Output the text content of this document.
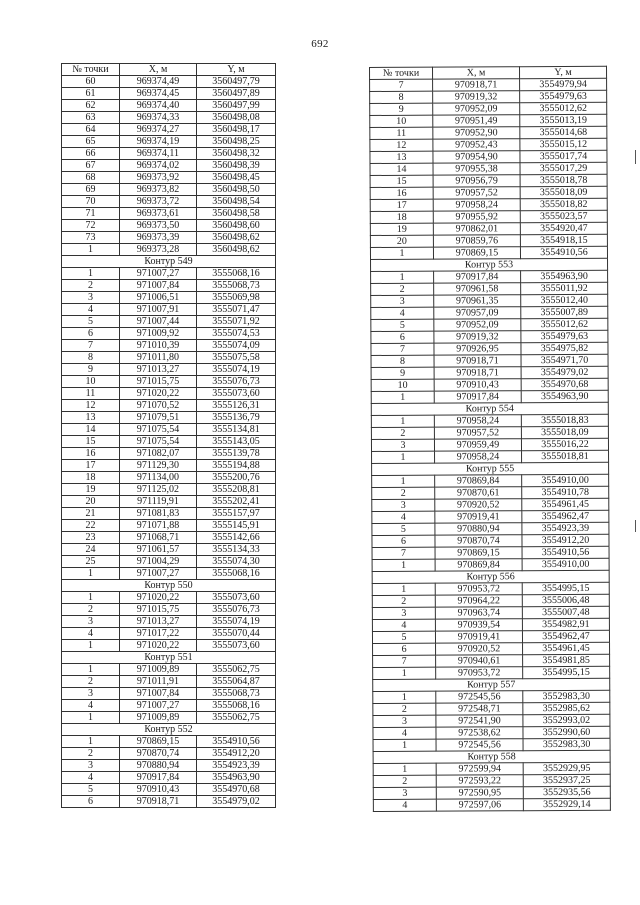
692
№ точки	X, м	Y, м
60	969374,49	3560497,79
61	969374,45	3560497,89
62	969374,40	3560497,99
63	969374,33	3560498,08
64	969374,27	3560498,17
65	969374,19	3560498,25
66	969374,11	3560498,32
67	969374,02	3560498,39
68	969373,92	3560498,45
69	969373,82	3560498,50
70	969373,72	3560498,54
71	969373,61	3560498,58
72	969373,50	3560498,60
73	969373,39	3560498,62
1	969373,28	3560498,62
Контур 549		
1	971007,27	3555068,16
2	971007,84	3555068,73
3	971006,51	3555069,98
4	971007,91	3555071,47
5	971007,44	3555071,92
6	971009,92	3555074,53
7	971010,39	3555074,09
8	971011,80	3555075,58
9	971013,27	3555074,19
10	971015,75	3555076,73
11	971020,22	3555073,60
12	971070,52	3555126,31
13	971079,51	3555136,79
14	971075,54	3555134,81
15	971075,54	3555143,05
16	971082,07	3555139,78
17	971129,30	3555194,88
18	971134,00	3555200,76
19	971125,02	3555208,81
20	971119,91	3555202,41
21	971081,83	3555157,97
22	971071,88	3555145,91
23	971068,71	3555142,66
24	971061,57	3555134,33
25	971004,29	3555074,30
1	971007,27	3555068,16
Контур 550		
1	971020,22	3555073,60
2	971015,75	3555076,73
3	971013,27	3555074,19
4	971017,22	3555070,44
1	971020,22	3555073,60
Контур 551		
1	971009,89	3555062,75
2	971011,91	3555064,87
3	971007,84	3555068,73
4	971007,27	3555068,16
1	971009,89	3555062,75
Контур 552		
1	970869,15	3554910,56
2	970870,74	3554912,20
3	970880,94	3554923,39
4	970917,84	3554963,90
5	970910,43	3554970,68
6	970918,71	3554979,02
№ точки	X, м	Y, м
7	970918,71	3554979,94
8	970919,32	3554979,63
9	970952,09	3555012,62
10	970951,49	3555013,19
11	970952,90	3555014,68
12	970952,43	3555015,12
13	970954,90	3555017,74
14	970955,38	3555017,29
15	970956,79	3555018,78
16	970957,52	3555018,09
17	970958,24	3555018,82
18	970955,92	3555023,57
19	970862,01	3554920,47
20	970859,76	3554918,15
1	970869,15	3554910,56
Контур 553		
1	970917,84	3554963,90
2	970961,58	3555011,92
3	970961,35	3555012,40
4	970957,09	3555007,89
5	970952,09	3555012,62
6	970919,32	3554979,63
7	970926,95	3554975,82
8	970918,71	3554971,70
9	970918,71	3554979,02
10	970910,43	3554970,68
1	970917,84	3554963,90
Контур 554		
1	970958,24	3555018,83
2	970957,52	3555018,09
3	970959,49	3555016,22
1	970958,24	3555018,81
Контур 555		
1	970869,84	3554910,00
2	970870,61	3554910,78
3	970920,52	3554961,45
4	970919,41	3554962,47
5	970880,94	3554923,39
6	970870,74	3554912,20
7	970869,15	3554910,56
1	970869,84	3554910,00
Контур 556		
1	970953,72	3554995,15
2	970964,22	3555006,48
3	970963,74	3555007,48
4	970939,54	3554982,91
5	970919,41	3554962,47
6	970920,52	3554961,45
7	970940,61	3554981,85
1	970953,72	3554995,15
Контур 557		
1	972545,56	3552983,30
2	972548,71	3552985,62
3	972541,90	3552993,02
4	972538,62	3552990,60
1	972545,56	3552983,30
Контур 558		
1	972599,94	3552929,95
2	972593,22	3552937,25
3	972590,95	3552935,56
4	972597,06	3552929,14
